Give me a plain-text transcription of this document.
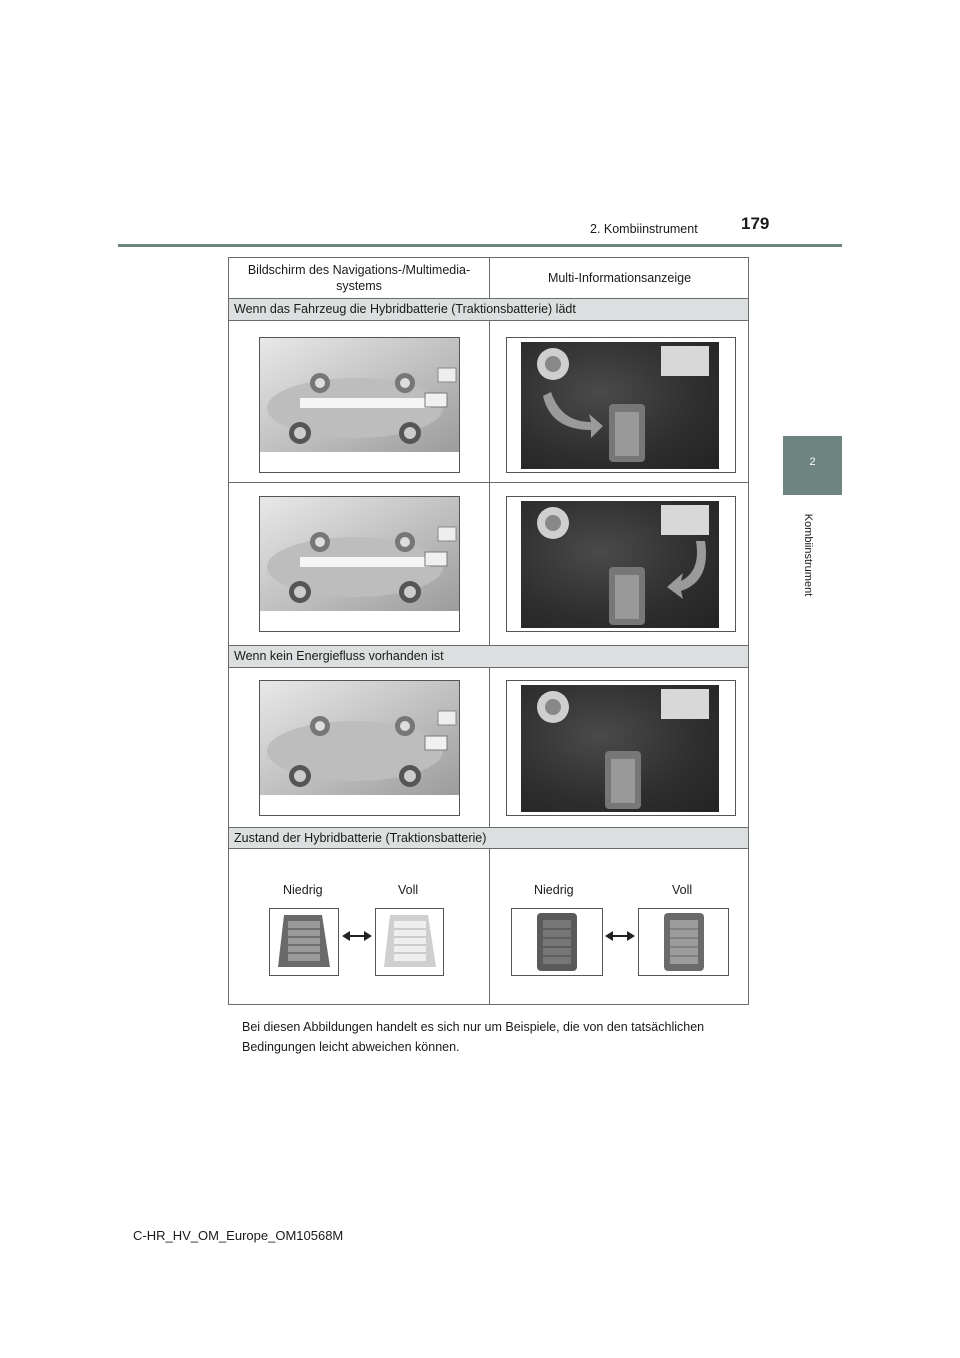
2. Kombiinstrument	179
2
Kombiinstrument
Bildschirm des Navigations-/Multimedia-systems
Multi-Informationsanzeige
Wenn das Fahrzeug die Hybridbatterie (Traktionsbatterie) lädt
Wenn kein Energiefluss vorhanden ist
Zustand der Hybridbatterie (Traktionsbatterie)
Niedrig	Voll	Niedrig	Voll
Bei diesen Abbildungen handelt es sich nur um Beispiele, die von den tatsächlichen Bedingungen leicht abweichen können.
C-HR_HV_OM_Europe_OM10568M
